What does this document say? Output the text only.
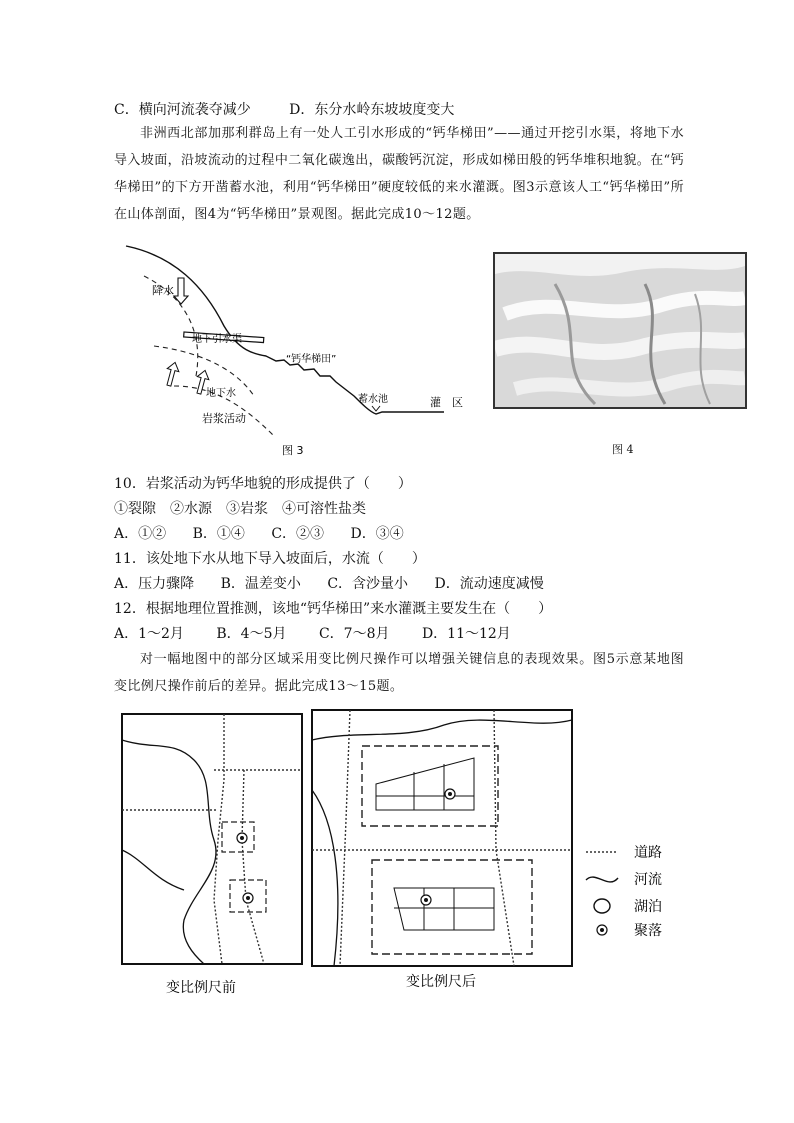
C．横向河流袭夺减少	D．东分水岭东坡坡度变大
非洲西北部加那利群岛上有一处人工引水形成的“钙华梯田”——通过开挖引水渠，将地下水导入坡面，沿坡流动的过程中二氧化碳逸出，碳酸钙沉淀，形成如梯田般的钙华堆积地貌。在“钙华梯田”的下方开凿蓄水池，利用“钙华梯田”硬度较低的来水灌溉。图3示意该人工“钙华梯田”所在山体剖面，图4为“钙华梯田”景观图。据此完成10～12题。
降水
地下引水渠
“钙华梯田”
地下水
岩浆活动
蓄水池	灌　区
图 3	图 4
10．岩浆活动为钙华地貌的形成提供了（　　）
①裂隙　②水源　③岩浆　④可溶性盐类
A．①② B．①④ C．②③ D．③④
11．该处地下水从地下导入坡面后，水流（　　）
A．压力骤降 B．温差变小 C．含沙量小 D．流动速度减慢
12．根据地理位置推测，该地“钙华梯田”来水灌溉主要发生在（　　）
A．1～2月 B．4～5月 C．7～8月 D．11～12月
对一幅地图中的部分区域采用变比例尺操作可以增强关键信息的表现效果。图5示意某地图变比例尺操作前后的差异。据此完成13～15题。
变比例尺前	变比例尺后
道路
河流
湖泊
聚落
